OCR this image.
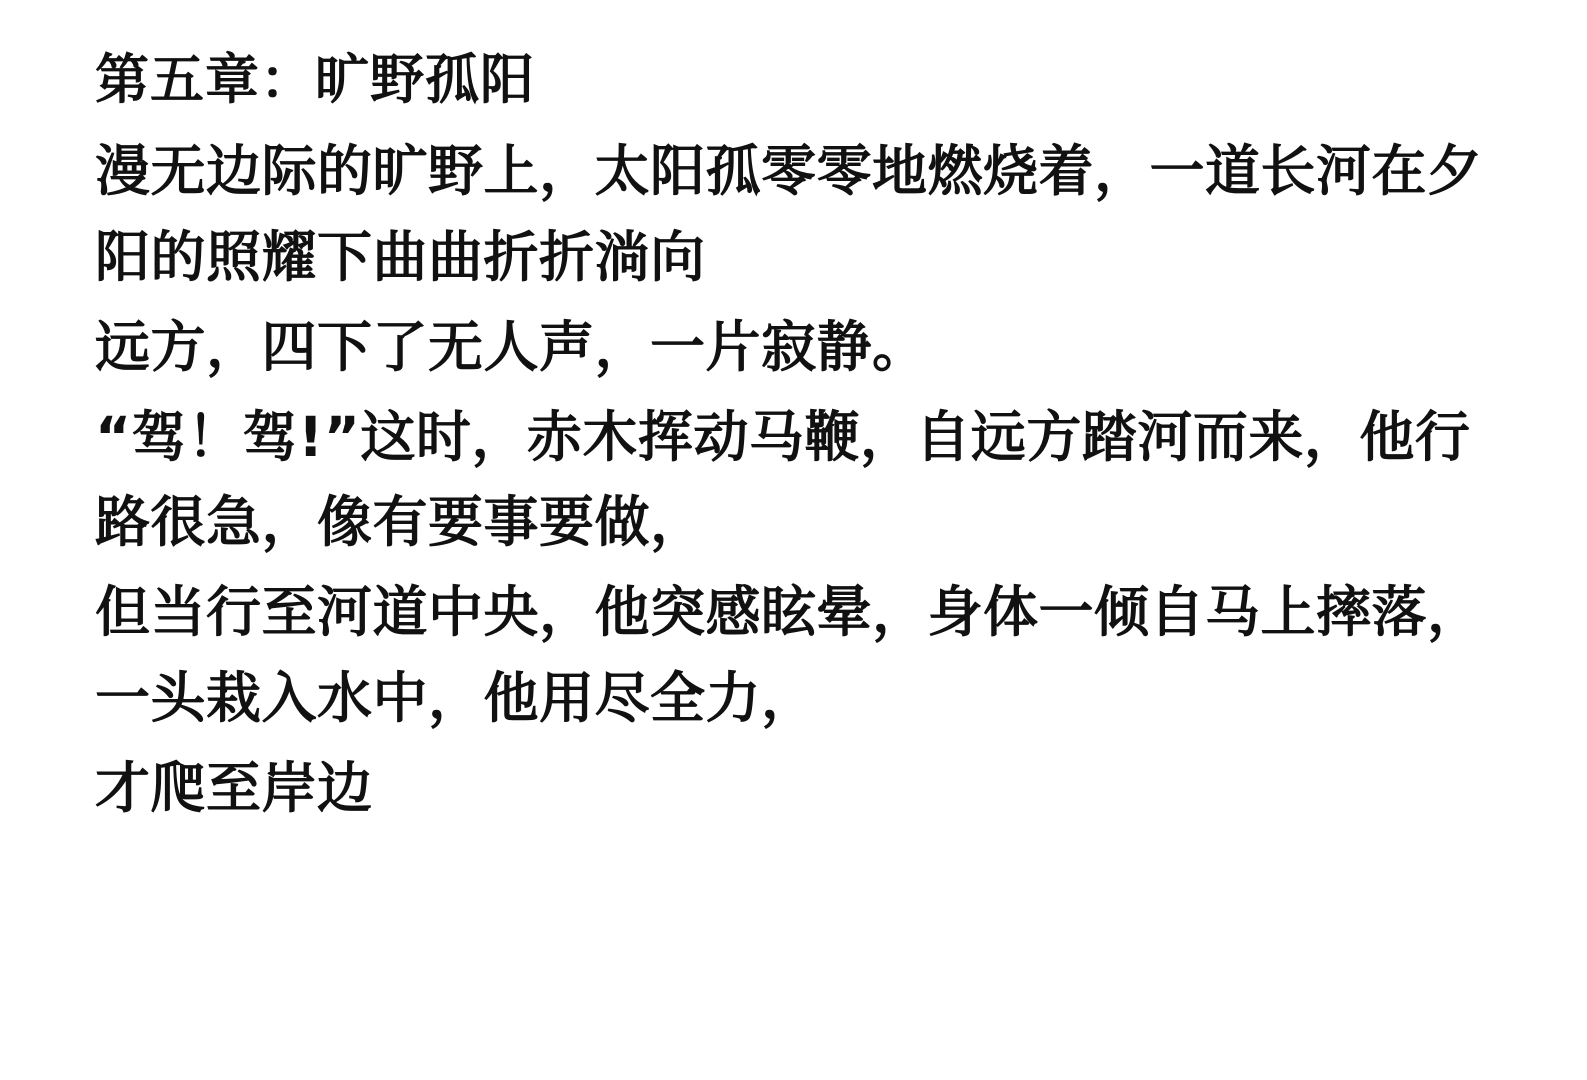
第五章：旷野孤阳

漫无边际的旷野上，太阳孤零零地燃烧着，一道长河在夕阳的照耀下曲曲折折淌向

远方，四下了无人声，一片寂静。

“驾！驾!”这时，赤木挥动马鞭，自远方踏河而来，他行路很急，像有要事要做，

但当行至河道中央，他突感眩晕，身体一倾自马上摔落，一头栽入水中，他用尽全力，

才爬至岸边
